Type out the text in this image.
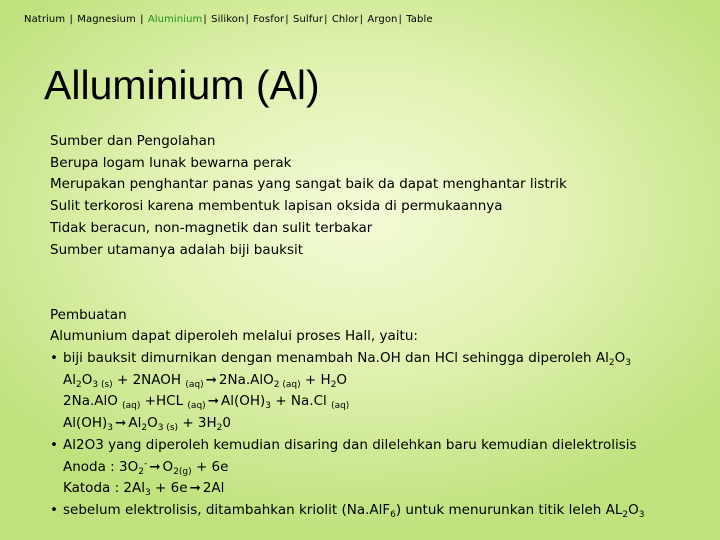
Natrium | Magnesium | Aluminium| Silikon| Fosfor| Sulfur| Chlor| Argon| Table
Alluminium (Al)
Sumber dan Pengolahan
Berupa logam lunak bewarna perak
Merupakan penghantar panas yang sangat baik da dapat menghantar listrik
Sulit terkorosi karena membentuk lapisan oksida di permukaannya
Tidak beracun, non-magnetik dan sulit terbakar
Sumber utamanya adalah biji bauksit
Pembuatan
Alumunium dapat diperoleh melalui proses Hall, yaitu:
• biji bauksit dimurnikan dengan menambah Na.OH dan HCl sehingga diperoleh $Al_2O_3$
$Al_2O_{3 (s)}$ + 2NAOH $_{(aq)}$ ➞ $2Na.AlO_{2 (aq)} + H_2O$
2Na.AlO $_{(aq)}$ +HCL $_{(aq)}$ ➞ $Al(OH)_3 + Na.Cl$ $_{(aq)}$
$Al(OH)_3$ ➞ $Al_2O_{3 (s)} + 3H_20$
• Al2O3 yang diperoleh kemudian disaring dan dilelehkan baru kemudian dielektrolisis
Anoda : $3O_2^-$ ➞ $O_{2(g)} + 6e$
Katoda : $2Al_3 + 6e$ ➞ 2Al
• sebelum elektrolisis, ditambahkan kriolit (Na.AlF$_6$) untuk menurunkan titik leleh $AL_2O_3$
